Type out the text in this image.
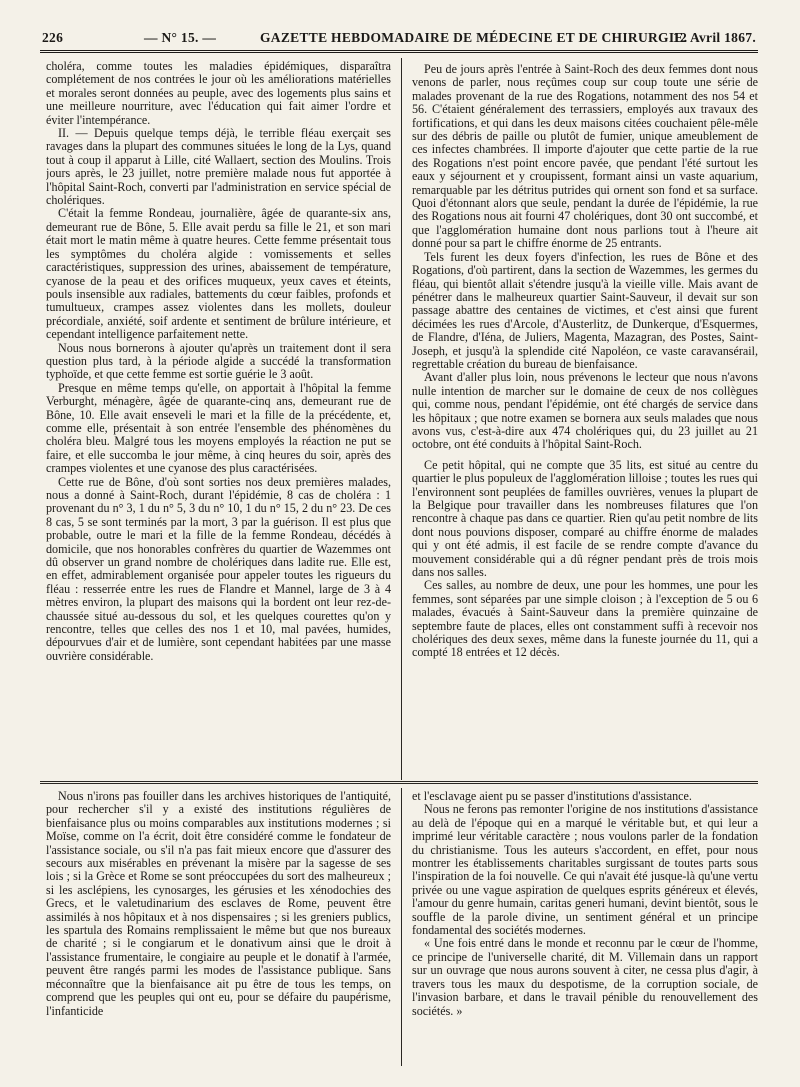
226	— N° 15. —	GAZETTE HEBDOMADAIRE DE MÉDECINE ET DE CHIRURGIE.
12 Avril 1867.

choléra, comme toutes les maladies épidémiques, disparaîtra complétement de nos contrées le jour où les améliorations matérielles et morales seront données au peuple, avec des logements plus sains et une meilleure nourriture, avec l'éducation qui fait aimer l'ordre et éviter l'intempérance.

II. — Depuis quelque temps déjà, le terrible fléau exerçait ses ravages dans la plupart des communes situées le long de la Lys, quand tout à coup il apparut à Lille, cité Wallaert, section des Moulins. Trois jours après, le 23 juillet, notre première malade nous fut apportée à l'hôpital Saint-Roch, converti par l'administration en service spécial de cholériques.

C'était la femme Rondeau, journalière, âgée de quarante-six ans, demeurant rue de Bône, 5. Elle avait perdu sa fille le 21, et son mari était mort le matin même à quatre heures. Cette femme présentait tous les symptômes du choléra algide : vomissements et selles caractéristiques, suppression des urines, abaissement de température, cyanose de la peau et des orifices muqueux, yeux caves et éteints, pouls insensible aux radiales, battements du cœur faibles, profonds et tumultueux, crampes assez violentes dans les mollets, douleur précordiale, anxiété, soif ardente et sentiment de brûlure intérieure, et cependant intelligence parfaitement nette.

Nous nous bornerons à ajouter qu'après un traitement dont il sera question plus tard, à la période algide a succédé la transformation typhoïde, et que cette femme est sortie guérie le 3 août.

Presque en même temps qu'elle, on apportait à l'hôpital la femme Verburght, ménagère, âgée de quarante-cinq ans, demeurant rue de Bône, 10. Elle avait enseveli le mari et la fille de la précédente, et, comme elle, présentait à son entrée l'ensemble des phénomènes du choléra bleu. Malgré tous les moyens employés la réaction ne put se faire, et elle succomba le jour même, à cinq heures du soir, après des crampes violentes et une cyanose des plus caractérisées.

Cette rue de Bône, d'où sont sorties nos deux premières malades, nous a donné à Saint-Roch, durant l'épidémie, 8 cas de choléra : 1 provenant du n° 3, 1 du n° 5, 3 du n° 10, 1 du n° 15, 2 du n° 23. De ces 8 cas, 5 se sont terminés par la mort, 3 par la guérison. Il est plus que probable, outre le mari et la fille de la femme Rondeau, décédés à domicile, que nos honorables confrères du quartier de Wazemmes ont dû observer un grand nombre de cholériques dans ladite rue. Elle est, en effet, admirablement organisée pour appeler toutes les rigueurs du fléau : resserrée entre les rues de Flandre et Mannel, large de 3 à 4 mètres environ, la plupart des maisons qui la bordent ont leur rez-de-chaussée situé au-dessous du sol, et les quelques courettes qu'on y rencontre, telles que celles des nos 1 et 10, mal pavées, humides, dépourvues d'air et de lumière, sont cependant habitées par une masse ouvrière considérable.

Peu de jours après l'entrée à Saint-Roch des deux femmes dont nous venons de parler, nous reçûmes coup sur coup toute une série de malades provenant de la rue des Rogations, notamment des nos 54 et 56. C'étaient généralement des terrassiers, employés aux travaux des fortifications, et qui dans les deux maisons citées couchaient pêle-mêle sur des débris de paille ou plutôt de fumier, unique ameublement de ces infectes chambrées. Il importe d'ajouter que cette partie de la rue des Rogations n'est point encore pavée, que pendant l'été surtout les eaux y séjournent et y croupissent, formant ainsi un vaste aquarium, remarquable par les détritus putrides qui ornent son fond et sa surface. Quoi d'étonnant alors que seule, pendant la durée de l'épidémie, la rue des Rogations nous ait fourni 47 cholériques, dont 30 ont succombé, et que l'agglomération humaine dont nous parlions tout à l'heure ait donné pour sa part le chiffre énorme de 25 entrants.

Tels furent les deux foyers d'infection, les rues de Bône et des Rogations, d'où partirent, dans la section de Wazemmes, les germes du fléau, qui bientôt allait s'étendre jusqu'à la vieille ville. Mais avant de pénétrer dans le malheureux quartier Saint-Sauveur, il devait sur son passage abattre des centaines de victimes, et c'est ainsi que furent décimées les rues d'Arcole, d'Austerlitz, de Dunkerque, d'Esquermes, de Flandre, d'Iéna, de Juliers, Magenta, Mazagran, des Postes, Saint-Joseph, et jusqu'à la splendide cité Napoléon, ce vaste caravansérail, regrettable création du bureau de bienfaisance.

Avant d'aller plus loin, nous prévenons le lecteur que nous n'avons nulle intention de marcher sur le domaine de ceux de nos collègues qui, comme nous, pendant l'épidémie, ont été chargés de service dans les hôpitaux ; que notre examen se bornera aux seuls malades que nous avons vus, c'est-à-dire aux 474 cholériques qui, du 23 juillet au 21 octobre, ont été conduits à l'hôpital Saint-Roch.

Ce petit hôpital, qui ne compte que 35 lits, est situé au centre du quartier le plus populeux de l'agglomération lilloise ; toutes les rues qui l'environnent sont peuplées de familles ouvrières, venues la plupart de la Belgique pour travailler dans les nombreuses filatures que l'on rencontre à chaque pas dans ce quartier. Rien qu'au petit nombre de lits dont nous pouvions disposer, comparé au chiffre énorme de malades qui y ont été admis, il est facile de se rendre compte d'avance du mouvement considérable qui a dû régner pendant près de trois mois dans nos salles.

Ces salles, au nombre de deux, une pour les hommes, une pour les femmes, sont séparées par une simple cloison ; à l'exception de 5 ou 6 malades, évacués à Saint-Sauveur dans la première quinzaine de septembre faute de places, elles ont constamment suffi à recevoir nos cholériques des deux sexes, même dans la funeste journée du 11, qui a compté 18 entrées et 12 décès.

Nous n'irons pas fouiller dans les archives historiques de l'antiquité, pour rechercher s'il y a existé des institutions régulières de bienfaisance plus ou moins comparables aux institutions modernes ; si Moïse, comme on l'a écrit, doit être considéré comme le fondateur de l'assistance sociale, ou s'il n'a pas fait mieux encore que d'assurer des secours aux misérables en prévenant la misère par la sagesse de ses lois ; si la Grèce et Rome se sont préoccupées du sort des malheureux ; si les asclépiens, les cynosarges, les gérusies et les xénodochies des Grecs, et le valetudinarium des esclaves de Rome, peuvent être assimilés à nos hôpitaux et à nos dispensaires ; si les greniers publics, les spartula des Romains remplissaient le même but que nos bureaux de charité ; si le congiarum et le donativum ainsi que le droit à l'assistance frumentaire, le congiaire au peuple et le donatif à l'armée, peuvent être rangés parmi les modes de l'assistance publique. Sans méconnaître que la bienfaisance ait pu être de tous les temps, on comprend que les peuples qui ont eu, pour se défaire du paupérisme, l'infanticide

et l'esclavage aient pu se passer d'institutions d'assistance.

Nous ne ferons pas remonter l'origine de nos institutions d'assistance au delà de l'époque qui en a marqué le véritable but, et qui leur a imprimé leur véritable caractère ; nous voulons parler de la fondation du christianisme. Tous les auteurs s'accordent, en effet, pour nous montrer les établissements charitables surgissant de toutes parts sous l'inspiration de la foi nouvelle. Ce qui n'avait été jusque-là qu'une vertu privée ou une vague aspiration de quelques esprits généreux et élevés, l'amour du genre humain, caritas generi humani, devint bientôt, sous le souffle de la parole divine, un sentiment général et un principe fondamental des sociétés modernes.

« Une fois entré dans le monde et reconnu par le cœur de l'homme, ce principe de l'universelle charité, dit M. Villemain dans un rapport sur un ouvrage que nous aurons souvent à citer, ne cessa plus d'agir, à travers tous les maux du despotisme, de la corruption sociale, de l'invasion barbare, et dans le travail pénible du renouvellement des sociétés. »
